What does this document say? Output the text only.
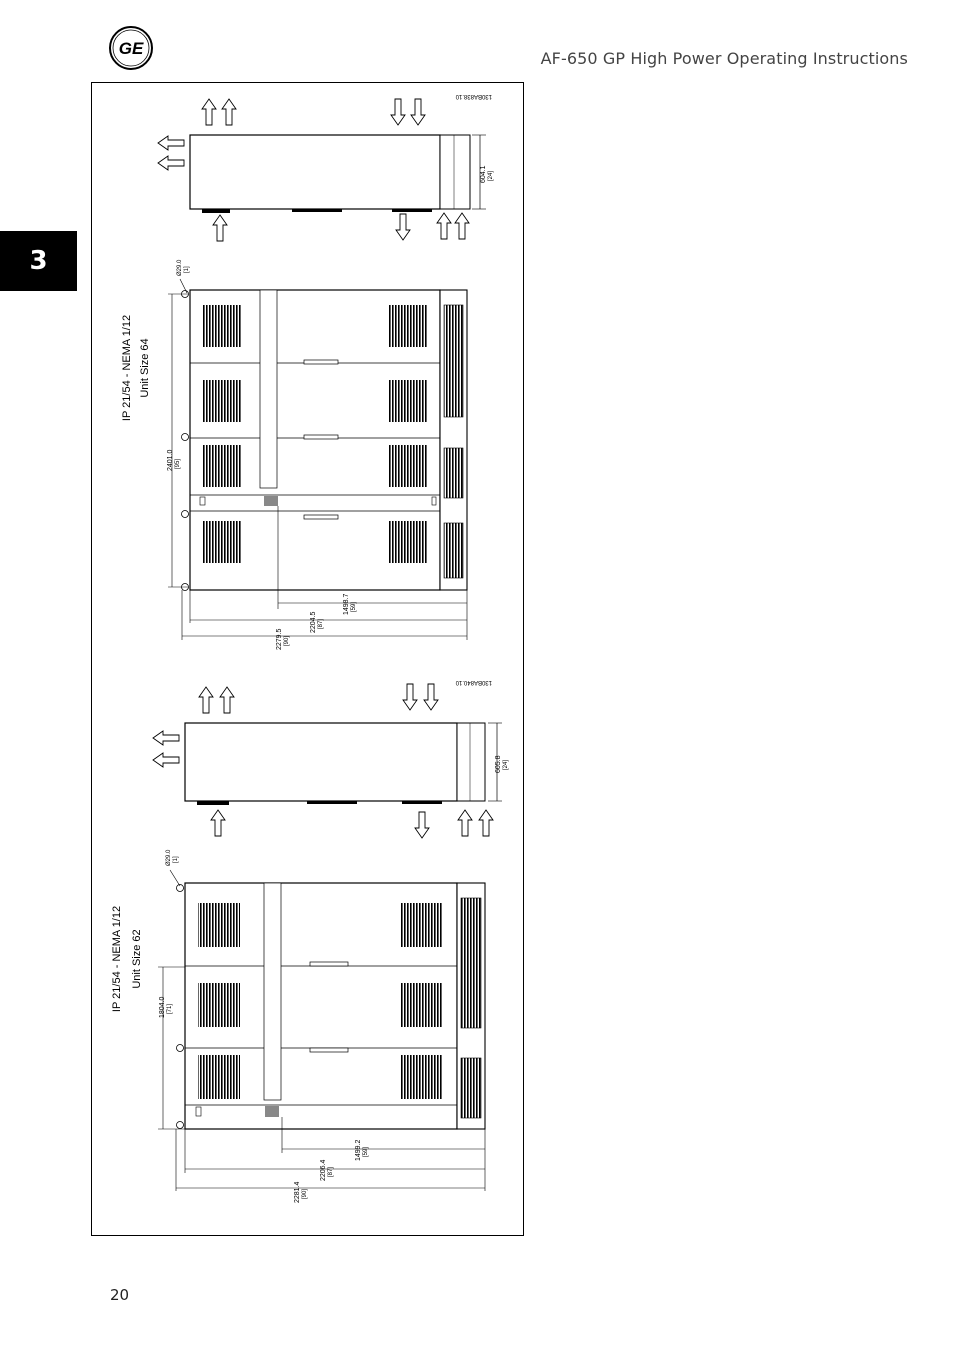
GE
AF-650 GP High Power Operating Instructions
3
130BA838.10
604.1 [24]
IP 21/54 - NEMA 1/12 Unit Size 64
Ø29.0 [1]
2401.0 [95]
1498.7 [59]
2204.5 [87]
2279.5 [90]
130BA840.10
605.8 [24]
IP 21/54 - NEMA 1/12 Unit Size 62
Ø29.0 [1]
1804.0 [71]
1499.2 [59]
2206.4 [87]
2281.4 [90]
20
